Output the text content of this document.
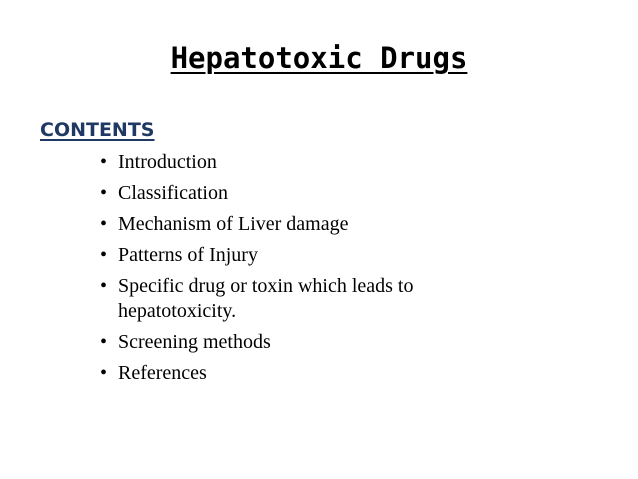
Hepatotoxic Drugs
CONTENTS
• Introduction
• Classification
• Mechanism of Liver damage
• Patterns of Injury
• Specific drug or toxin which leads to hepatotoxicity.
• Screening methods
• References
